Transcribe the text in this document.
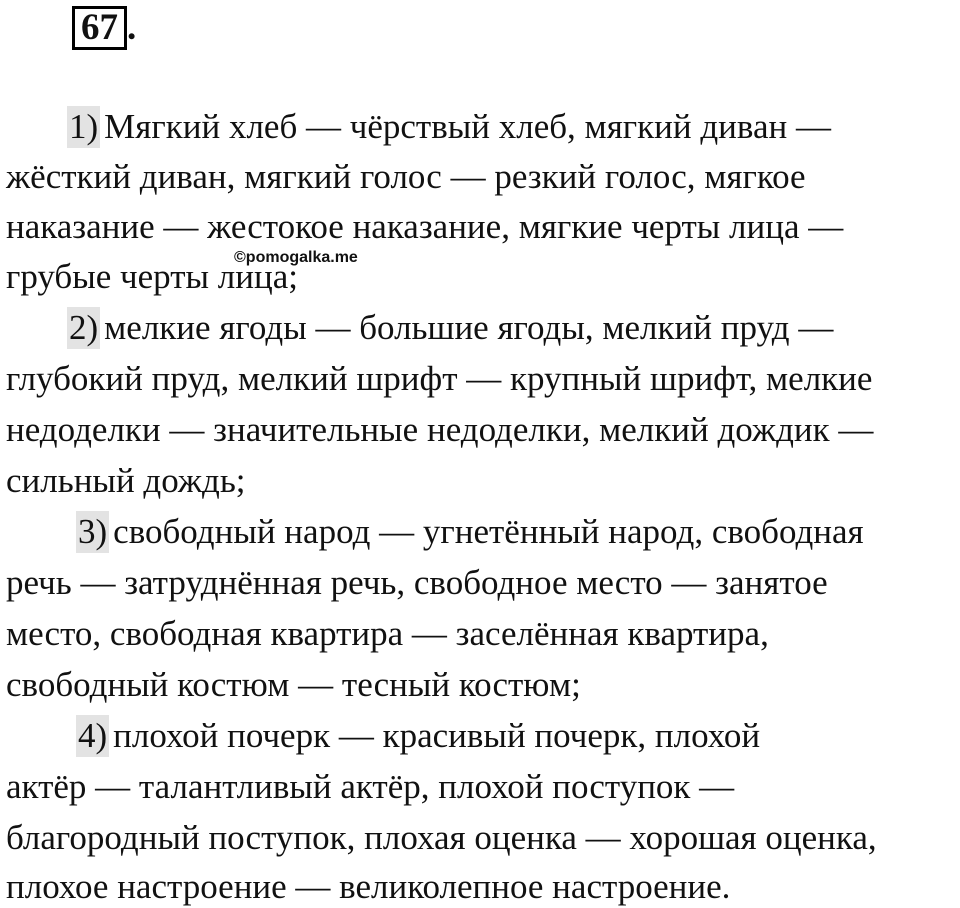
67 .
1) Мягкий хлеб — чёрствый хлеб, мягкий диван —
жёсткий диван, мягкий голос — резкий голос, мягкое
наказание — жестокое наказание, мягкие черты лица —
грубые черты лица;
2) мелкие ягоды — большие ягоды, мелкий пруд —
глубокий пруд, мелкий шрифт — крупный шрифт, мелкие
недоделки — значительные недоделки, мелкий дождик —
сильный дождь;
3) свободный народ — угнетённый народ, свободная
речь — затруднённая речь, свободное место — занятое
место, свободная квартира — заселённая квартира,
свободный костюм — тесный костюм;
4) плохой почерк — красивый почерк, плохой
актёр — талантливый актёр, плохой поступок —
благородный поступок, плохая оценка — хорошая оценка,
плохое настроение — великолепное настроение.
©pomogalka.me
